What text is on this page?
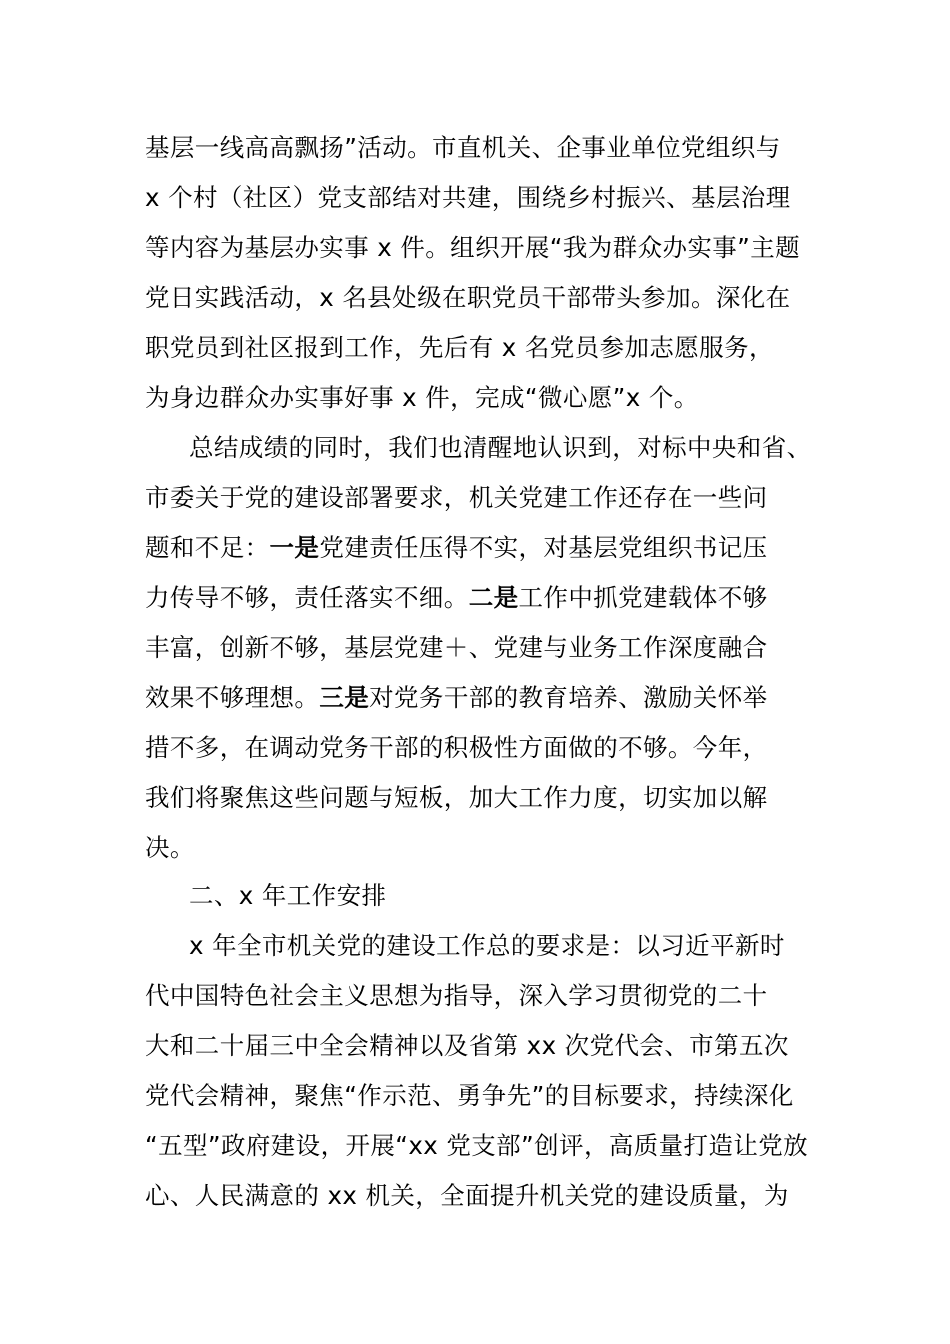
基层一线高高飘扬”活动。市直机关、企事业单位党组织与

x 个村（社区）党支部结对共建，围绕乡村振兴、基层治理

等内容为基层办实事 x 件。组织开展“我为群众办实事”主题

党日实践活动，x 名县处级在职党员干部带头参加。深化在

职党员到社区报到工作，先后有 x 名党员参加志愿服务，

为身边群众办实事好事 x 件，完成“微心愿”x 个。

总结成绩的同时，我们也清醒地认识到，对标中央和省、

市委关于党的建设部署要求，机关党建工作还存在一些问

题和不足：一是党建责任压得不实，对基层党组织书记压

力传导不够，责任落实不细。二是工作中抓党建载体不够

丰富，创新不够，基层党建＋、党建与业务工作深度融合

效果不够理想。三是对党务干部的教育培养、激励关怀举

措不多，在调动党务干部的积极性方面做的不够。今年，

我们将聚焦这些问题与短板，加大工作力度，切实加以解

决。

二、x 年工作安排

x 年全市机关党的建设工作总的要求是：以习近平新时

代中国特色社会主义思想为指导，深入学习贯彻党的二十

大和二十届三中全会精神以及省第 xx 次党代会、市第五次

党代会精神，聚焦“作示范、勇争先”的目标要求，持续深化

“五型”政府建设，开展“xx 党支部”创评，高质量打造让党放

心、人民满意的 xx 机关，全面提升机关党的建设质量，为
